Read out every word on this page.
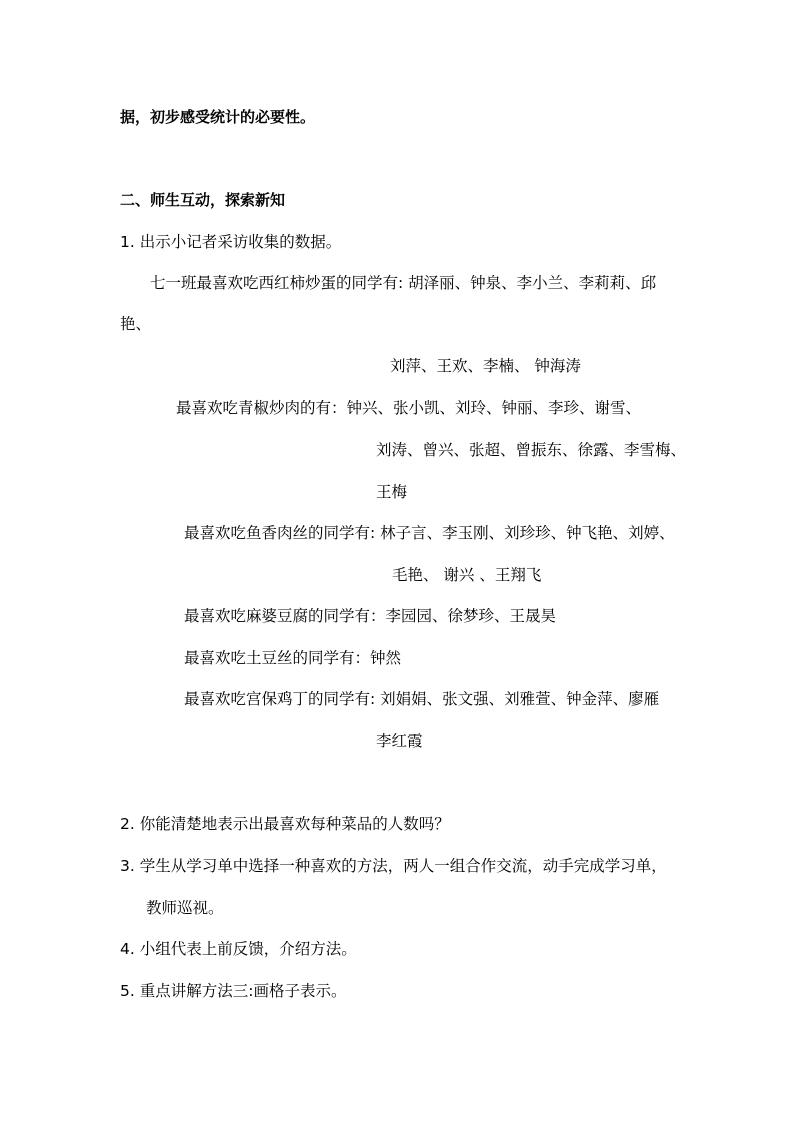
据，初步感受统计的必要性。
二、师生互动，探索新知
1. 出示小记者采访收集的数据。
七一班最喜欢吃西红柿炒蛋的同学有: 胡泽丽、钟泉、李小兰、李莉莉、邱
艳、
刘萍、王欢、李楠、 钟海涛
最喜欢吃青椒炒肉的有：钟兴、张小凯、刘玲、钟丽、李珍、谢雪、
刘涛、曾兴、张超、曾振东、徐露、李雪梅、
王梅
最喜欢吃鱼香肉丝的同学有: 林子言、李玉刚、刘珍珍、钟飞艳、刘婷、
毛艳、 谢兴 、王翔飞
最喜欢吃麻婆豆腐的同学有：李园园、徐梦珍、王晟昊
最喜欢吃土豆丝的同学有：钟然
最喜欢吃宫保鸡丁的同学有: 刘娟娟、张文强、刘雅萱、钟金萍、廖雁
李红霞
2. 你能清楚地表示出最喜欢每种菜品的人数吗？
3. 学生从学习单中选择一种喜欢的方法，两人一组合作交流，动手完成学习单，
教师巡视。
4. 小组代表上前反馈，介绍方法。
5. 重点讲解方法三:画格子表示。
